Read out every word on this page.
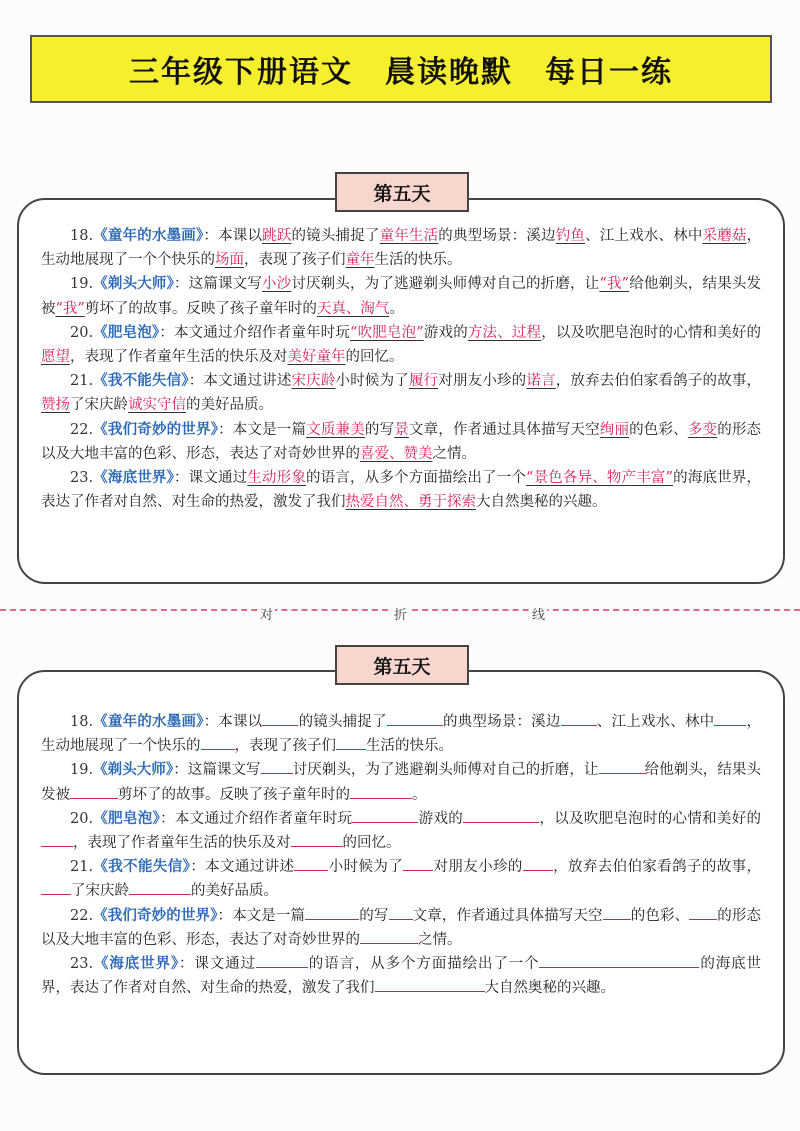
三年级下册语文　晨读晚默　每日一练

18.《童年的水墨画》：本课以跳跃的镜头捕捉了童年生活的典型场景：溪边钓鱼、江上戏水、林中采蘑菇，生动地展现了一个个快乐的场面，表现了孩子们童年生活的快乐。

19.《剃头大师》：这篇课文写小沙讨厌剃头，为了逃避剃头师傅对自己的折磨，让“我”给他剃头，结果头发被“我”剪坏了的故事。反映了孩子童年时的天真、淘气。

20.《肥皂泡》：本文通过介绍作者童年时玩“吹肥皂泡”游戏的方法、过程，以及吹肥皂泡时的心情和美好的愿望，表现了作者童年生活的快乐及对美好童年的回忆。

21.《我不能失信》：本文通过讲述宋庆龄小时候为了履行对朋友小珍的诺言，放弃去伯伯家看鸽子的故事，赞扬了宋庆龄诚实守信的美好品质。

22.《我们奇妙的世界》：本文是一篇文质兼美的写景文章，作者通过具体描写天空绚丽的色彩、多变的形态以及大地丰富的色彩、形态，表达了对奇妙世界的喜爱、赞美之情。

23.《海底世界》：课文通过生动形象的语言，从多个方面描绘出了一个“景色各异、物产丰富”的海底世界，表达了作者对自然、对生命的热爱，激发了我们热爱自然、勇于探索大自然奥秘的兴趣。

第五天
对	折	线

18.《童年的水墨画》：本课以 的镜头捕捉了	的典型场景：溪边 、江上戏水、林中 ，生动地展现了一个快乐的 ，表现了孩子们 生活的快乐。

19.《剃头大师》：这篇课文写 讨厌剃头，为了逃避剃头师傅对自己的折磨，让	给他剃头，结果头发被	剪坏了的故事。反映了孩子童年时的	。

20.《肥皂泡》：本文通过介绍作者童年时玩	游戏的	，以及吹肥皂泡时的心情和美好的，表现了作者童年生活的快乐及对	的回忆。

21.《我不能失信》：本文通过讲述 小时候为了 对朋友小珍的 ，放弃去伯伯家看鸽子的故事，了宋庆龄	的美好品质。

22.《我们奇妙的世界》：本文是一篇	的写 文章，作者通过具体描写天空 的色彩、 的形态以及大地丰富的色彩、形态，表达了对奇妙世界的	之情。

23.《海底世界》：课文通过	的语言，从多个方面描绘出了一个	的海底世界，表达了作者对自然、对生命的热爱，激发了我们	大自然奥秘的兴趣。

第五天
